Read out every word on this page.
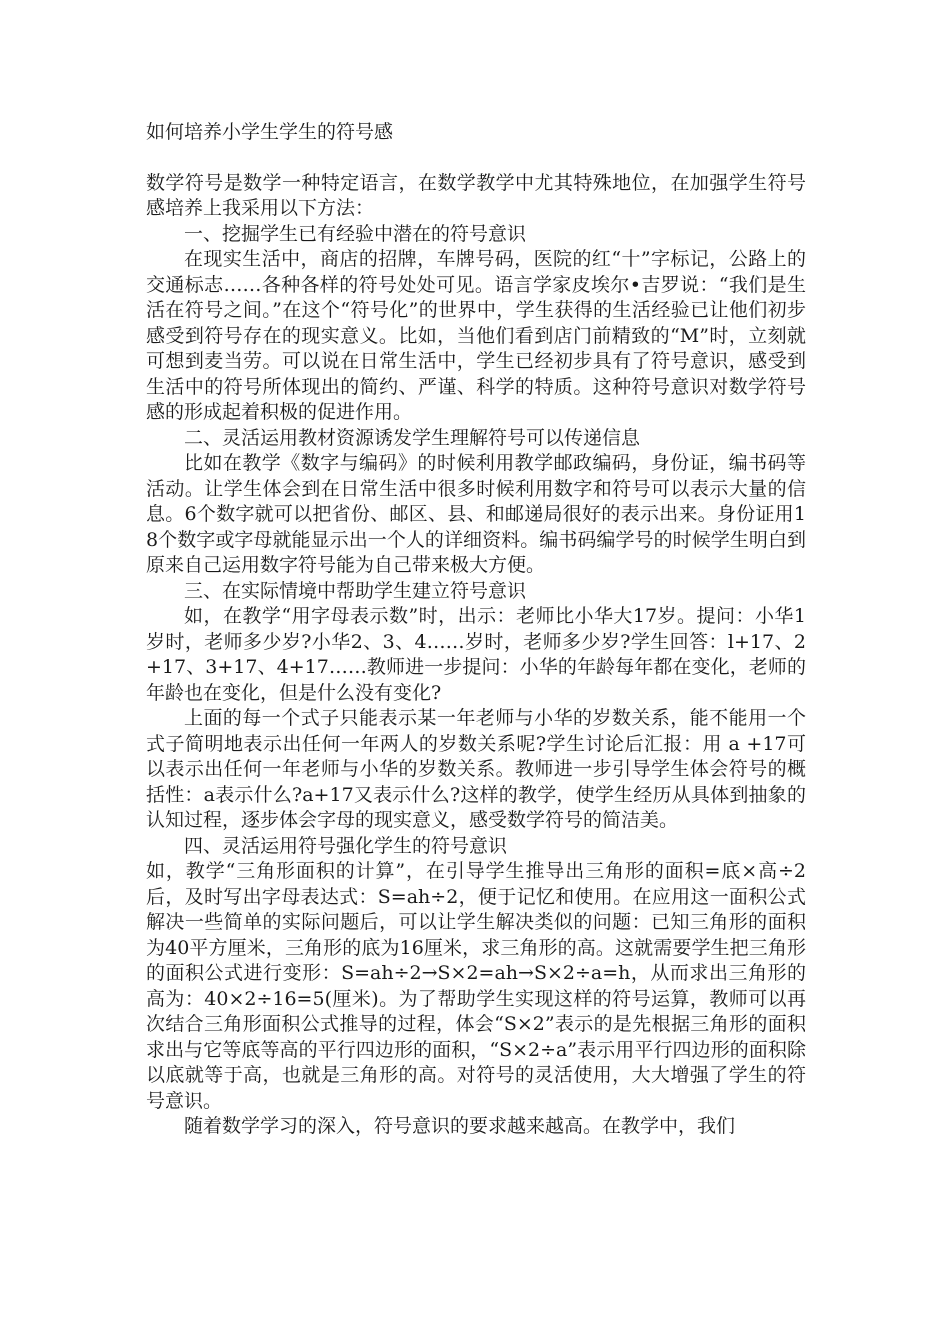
如何培养小学生学生的符号感

数学符号是数学一种特定语言，在数学教学中尤其特殊地位，在加强学生符号感培养上我采用以下方法：

一、挖掘学生已有经验中潜在的符号意识

在现实生活中，商店的招牌，车牌号码，医院的红“十”字标记，公路上的交通标志……各种各样的符号处处可见。语言学家皮埃尔•吉罗说：“我们是生活在符号之间。”在这个“符号化”的世界中，学生获得的生活经验已让他们初步感受到符号存在的现实意义。比如，当他们看到店门前精致的“M”时，立刻就可想到麦当劳。可以说在日常生活中，学生已经初步具有了符号意识，感受到生活中的符号所体现出的简约、严谨、科学的特质。这种符号意识对数学符号感的形成起着积极的促进作用。

二、灵活运用教材资源诱发学生理解符号可以传递信息

比如在教学《数字与编码》的时候利用教学邮政编码，身份证，编书码等活动。让学生体会到在日常生活中很多时候利用数字和符号可以表示大量的信息。6个数字就可以把省份、邮区、县、和邮递局很好的表示出来。身份证用18个数字或字母就能显示出一个人的详细资料。编书码编学号的时候学生明白到原来自己运用数字符号能为自己带来极大方便。

三、在实际情境中帮助学生建立符号意识

如，在教学“用字母表示数”时，出示：老师比小华大17岁。提问：小华1岁时，老师多少岁?小华2、3、4……岁时，老师多少岁?学生回答：l+17、2+17、3+17、4+17……教师进一步提问：小华的年龄每年都在变化，老师的年龄也在变化，但是什么没有变化?

上面的每一个式子只能表示某一年老师与小华的岁数关系，能不能用一个式子简明地表示出任何一年两人的岁数关系呢?学生讨论后汇报：用 a +17可以表示出任何一年老师与小华的岁数关系。教师进一步引导学生体会符号的概括性：a表示什么?a+17又表示什么?这样的教学，使学生经历从具体到抽象的认知过程，逐步体会字母的现实意义，感受数学符号的简洁美。

四、灵活运用符号强化学生的符号意识

如，教学“三角形面积的计算”，在引导学生推导出三角形的面积=底×高÷2后，及时写出字母表达式：S=ah÷2，便于记忆和使用。在应用这一面积公式解决一些简单的实际问题后，可以让学生解决类似的问题：已知三角形的面积为40平方厘米，三角形的底为16厘米，求三角形的高。这就需要学生把三角形的面积公式进行变形：S=ah÷2→S×2=ah→S×2÷a=h，从而求出三角形的高为：40×2÷16=5(厘米)。为了帮助学生实现这样的符号运算，教师可以再次结合三角形面积公式推导的过程，体会“S×2”表示的是先根据三角形的面积求出与它等底等高的平行四边形的面积，“S×2÷a”表示用平行四边形的面积除以底就等于高，也就是三角形的高。对符号的灵活使用，大大增强了学生的符号意识。

随着数学学习的深入，符号意识的要求越来越高。在教学中，我们
